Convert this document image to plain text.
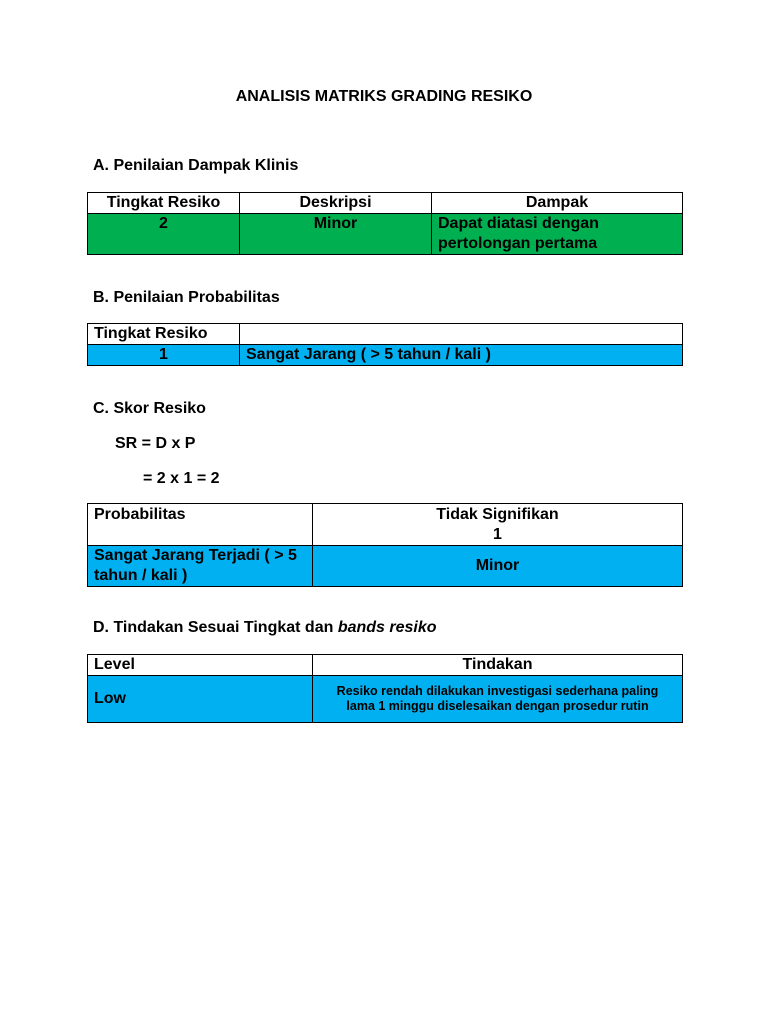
ANALISIS MATRIKS GRADING RESIKO
A. Penilaian Dampak Klinis
Tingkat Resiko	Deskripsi	Dampak
2	Minor	Dapat diatasi dengan pertolongan pertama
B. Penilaian Probabilitas
Tingkat Resiko	
1	Sangat Jarang ( > 5 tahun / kali )
C. Skor Resiko
SR = D x P
= 2 x 1 = 2
Probabilitas	Tidak Signifikan
1

Sangat Jarang Terjadi ( > 5 tahun / kali )	Minor
D. Tindakan Sesuai Tingkat dan bands resiko
Level	Tindakan
Low	Resiko rendah dilakukan investigasi sederhana paling lama 1 minggu diselesaikan dengan prosedur rutin
